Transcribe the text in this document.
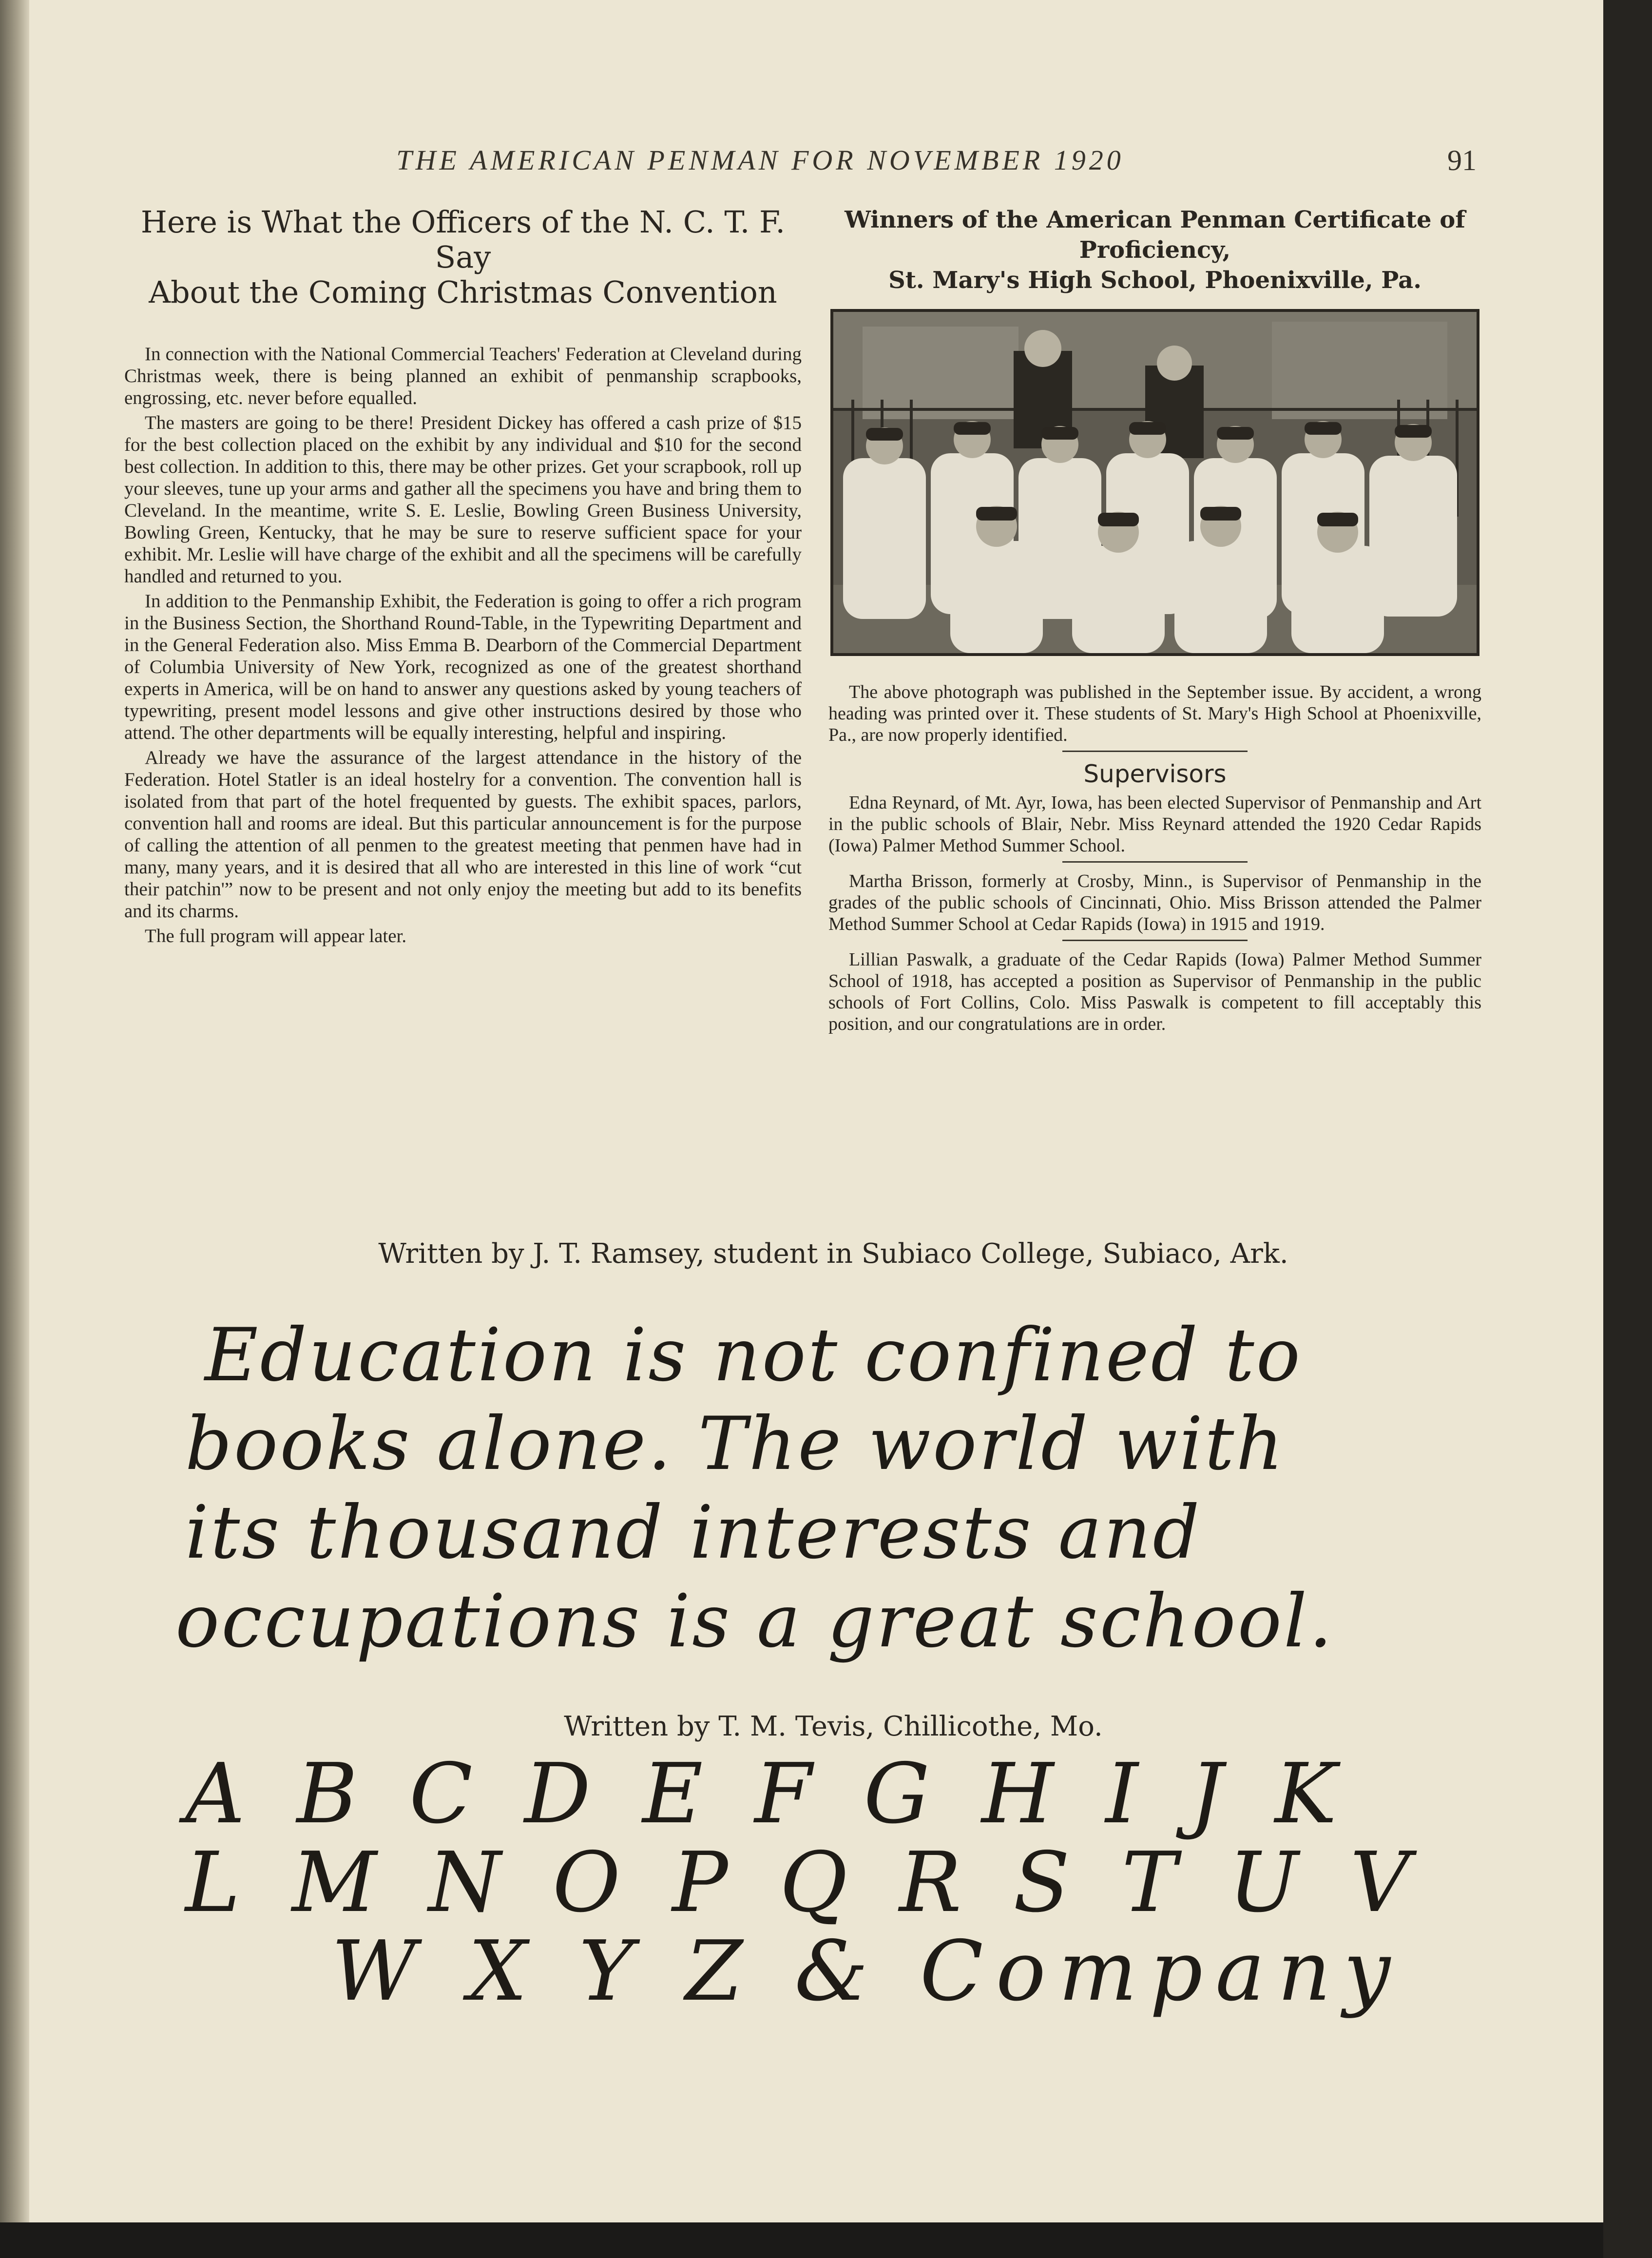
THE AMERICAN PENMAN FOR NOVEMBER 1920	91
Here is What the Officers of the N. C. T. F. Say
About the Coming Christmas Convention

In connection with the National Commercial Teachers' Federation at Cleveland during Christmas week, there is being planned an exhibit of penmanship scrapbooks, engrossing, etc. never before equalled.

The masters are going to be there! President Dickey has offered a cash prize of $15 for the best collection placed on the exhibit by any individual and $10 for the second best collection. In addition to this, there may be other prizes. Get your scrapbook, roll up your sleeves, tune up your arms and gather all the specimens you have and bring them to Cleveland. In the meantime, write S. E. Leslie, Bowling Green Business University, Bowling Green, Kentucky, that he may be sure to reserve sufficient space for your exhibit. Mr. Leslie will have charge of the exhibit and all the specimens will be carefully handled and returned to you.

In addition to the Penmanship Exhibit, the Federation is going to offer a rich program in the Business Section, the Shorthand Round-Table, in the Typewriting Department and in the General Federation also. Miss Emma B. Dearborn of the Commercial Department of Columbia University of New York, recognized as one of the greatest shorthand experts in America, will be on hand to answer any questions asked by young teachers of typewriting, present model lessons and give other instructions desired by those who attend. The other departments will be equally interesting, helpful and inspiring.

Already we have the assurance of the largest attendance in the history of the Federation. Hotel Statler is an ideal hostelry for a convention. The convention hall is isolated from that part of the hotel frequented by guests. The exhibit spaces, parlors, convention hall and rooms are ideal. But this particular announcement is for the purpose of calling the attention of all penmen to the greatest meeting that penmen have had in many, many years, and it is desired that all who are interested in this line of work “cut their patchin'” now to be present and not only enjoy the meeting but add to its benefits and its charms.

The full program will appear later.

Winners of the American Penman Certificate of Proficiency,
St. Mary's High School, Phoenixville, Pa.

The above photograph was published in the September issue. By accident, a wrong heading was printed over it. These students of St. Mary's High School at Phoenixville, Pa., are now properly identified.

Supervisors

Edna Reynard, of Mt. Ayr, Iowa, has been elected Supervisor of Penmanship and Art in the public schools of Blair, Nebr. Miss Reynard attended the 1920 Cedar Rapids (Iowa) Palmer Method Summer School.

Martha Brisson, formerly at Crosby, Minn., is Supervisor of Penmanship in the grades of the public schools of Cincinnati, Ohio. Miss Brisson attended the Palmer Method Summer School at Cedar Rapids (Iowa) in 1915 and 1919.

Lillian Paswalk, a graduate of the Cedar Rapids (Iowa) Palmer Method Summer School of 1918, has accepted a position as Supervisor of Penmanship in the public schools of Fort Collins, Colo. Miss Paswalk is competent to fill acceptably this position, and our congratulations are in order.

Written by J. T. Ramsey, student in Subiaco College, Subiaco, Ark.
Education is not confined to
books alone. The world with
its thousand interests and
occupations is a great school.
Written by T. M. Tevis, Chillicothe, Mo.
A B C D E F G H I J K
L M N O P Q R S T U V
W X Y Z & Company
